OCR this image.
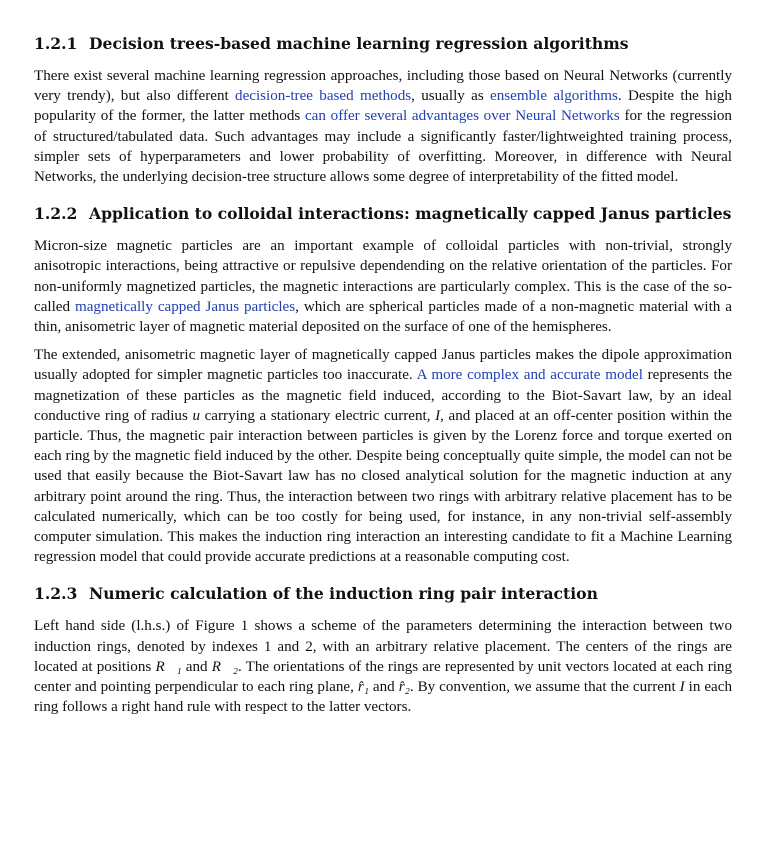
1.2.1 Decision trees-based machine learning regression algorithms

There exist several machine learning regression approaches, including those based on Neural Networks (currently very trendy), but also different decision-tree based methods, usually as ensemble algorithms. Despite the high popularity of the former, the latter methods can offer several advantages over Neural Networks for the regression of structured/tabulated data. Such advantages may include a significantly faster/lightweighted training process, simpler sets of hyperparameters and lower probability of overfitting. Moreover, in difference with Neural Networks, the underlying decision-tree structure allows some degree of interpretability of the fitted model.

1.2.2 Application to colloidal interactions: magnetically capped Janus particles

Micron-size magnetic particles are an important example of colloidal particles with non-trivial, strongly anisotropic interactions, being attractive or repulsive dependending on the relative orientation of the particles. For non-uniformly magnetized particles, the magnetic interactions are particularly complex. This is the case of the so-called magnetically capped Janus particles, which are spherical particles made of a non-magnetic material with a thin, anisometric layer of magnetic material deposited on the surface of one of the hemispheres.

The extended, anisometric magnetic layer of magnetically capped Janus particles makes the dipole approximation usually adopted for simpler magnetic particles too inaccurate. A more complex and accurate model represents the magnetization of these particles as the magnetic field induced, according to the Biot-Savart law, by an ideal conductive ring of radius u carrying a stationary electric current, I, and placed at an off-center position within the particle. Thus, the magnetic pair interaction between particles is given by the Lorenz force and torque exerted on each ring by the magnetic field induced by the other. Despite being conceptually quite simple, the model can not be used that easily because the Biot-Savart law has no closed analytical solution for the magnetic induction at any arbitrary point around the ring. Thus, the interaction between two rings with arbitrary relative placement has to be calculated numerically, which can be too costly for being used, for instance, in any non-trivial self-assembly computer simulation. This makes the induction ring interaction an interesting candidate to fit a Machine Learning regression model that could provide accurate predictions at a reasonable computing cost.

1.2.3 Numeric calculation of the induction ring pair interaction

Left hand side (l.h.s.) of Figure 1 shows a scheme of the parameters determining the interaction between two induction rings, denoted by indexes 1 and 2, with an arbitrary relative placement. The centers of the rings are located at positions R⃗₁ and R⃗₂. The orientations of the rings are represented by unit vectors located at each ring center and pointing perpendicular to each ring plane, r̂₁ and r̂₂. By convention, we assume that the current I in each ring follows a right hand rule with respect to the latter vectors.
